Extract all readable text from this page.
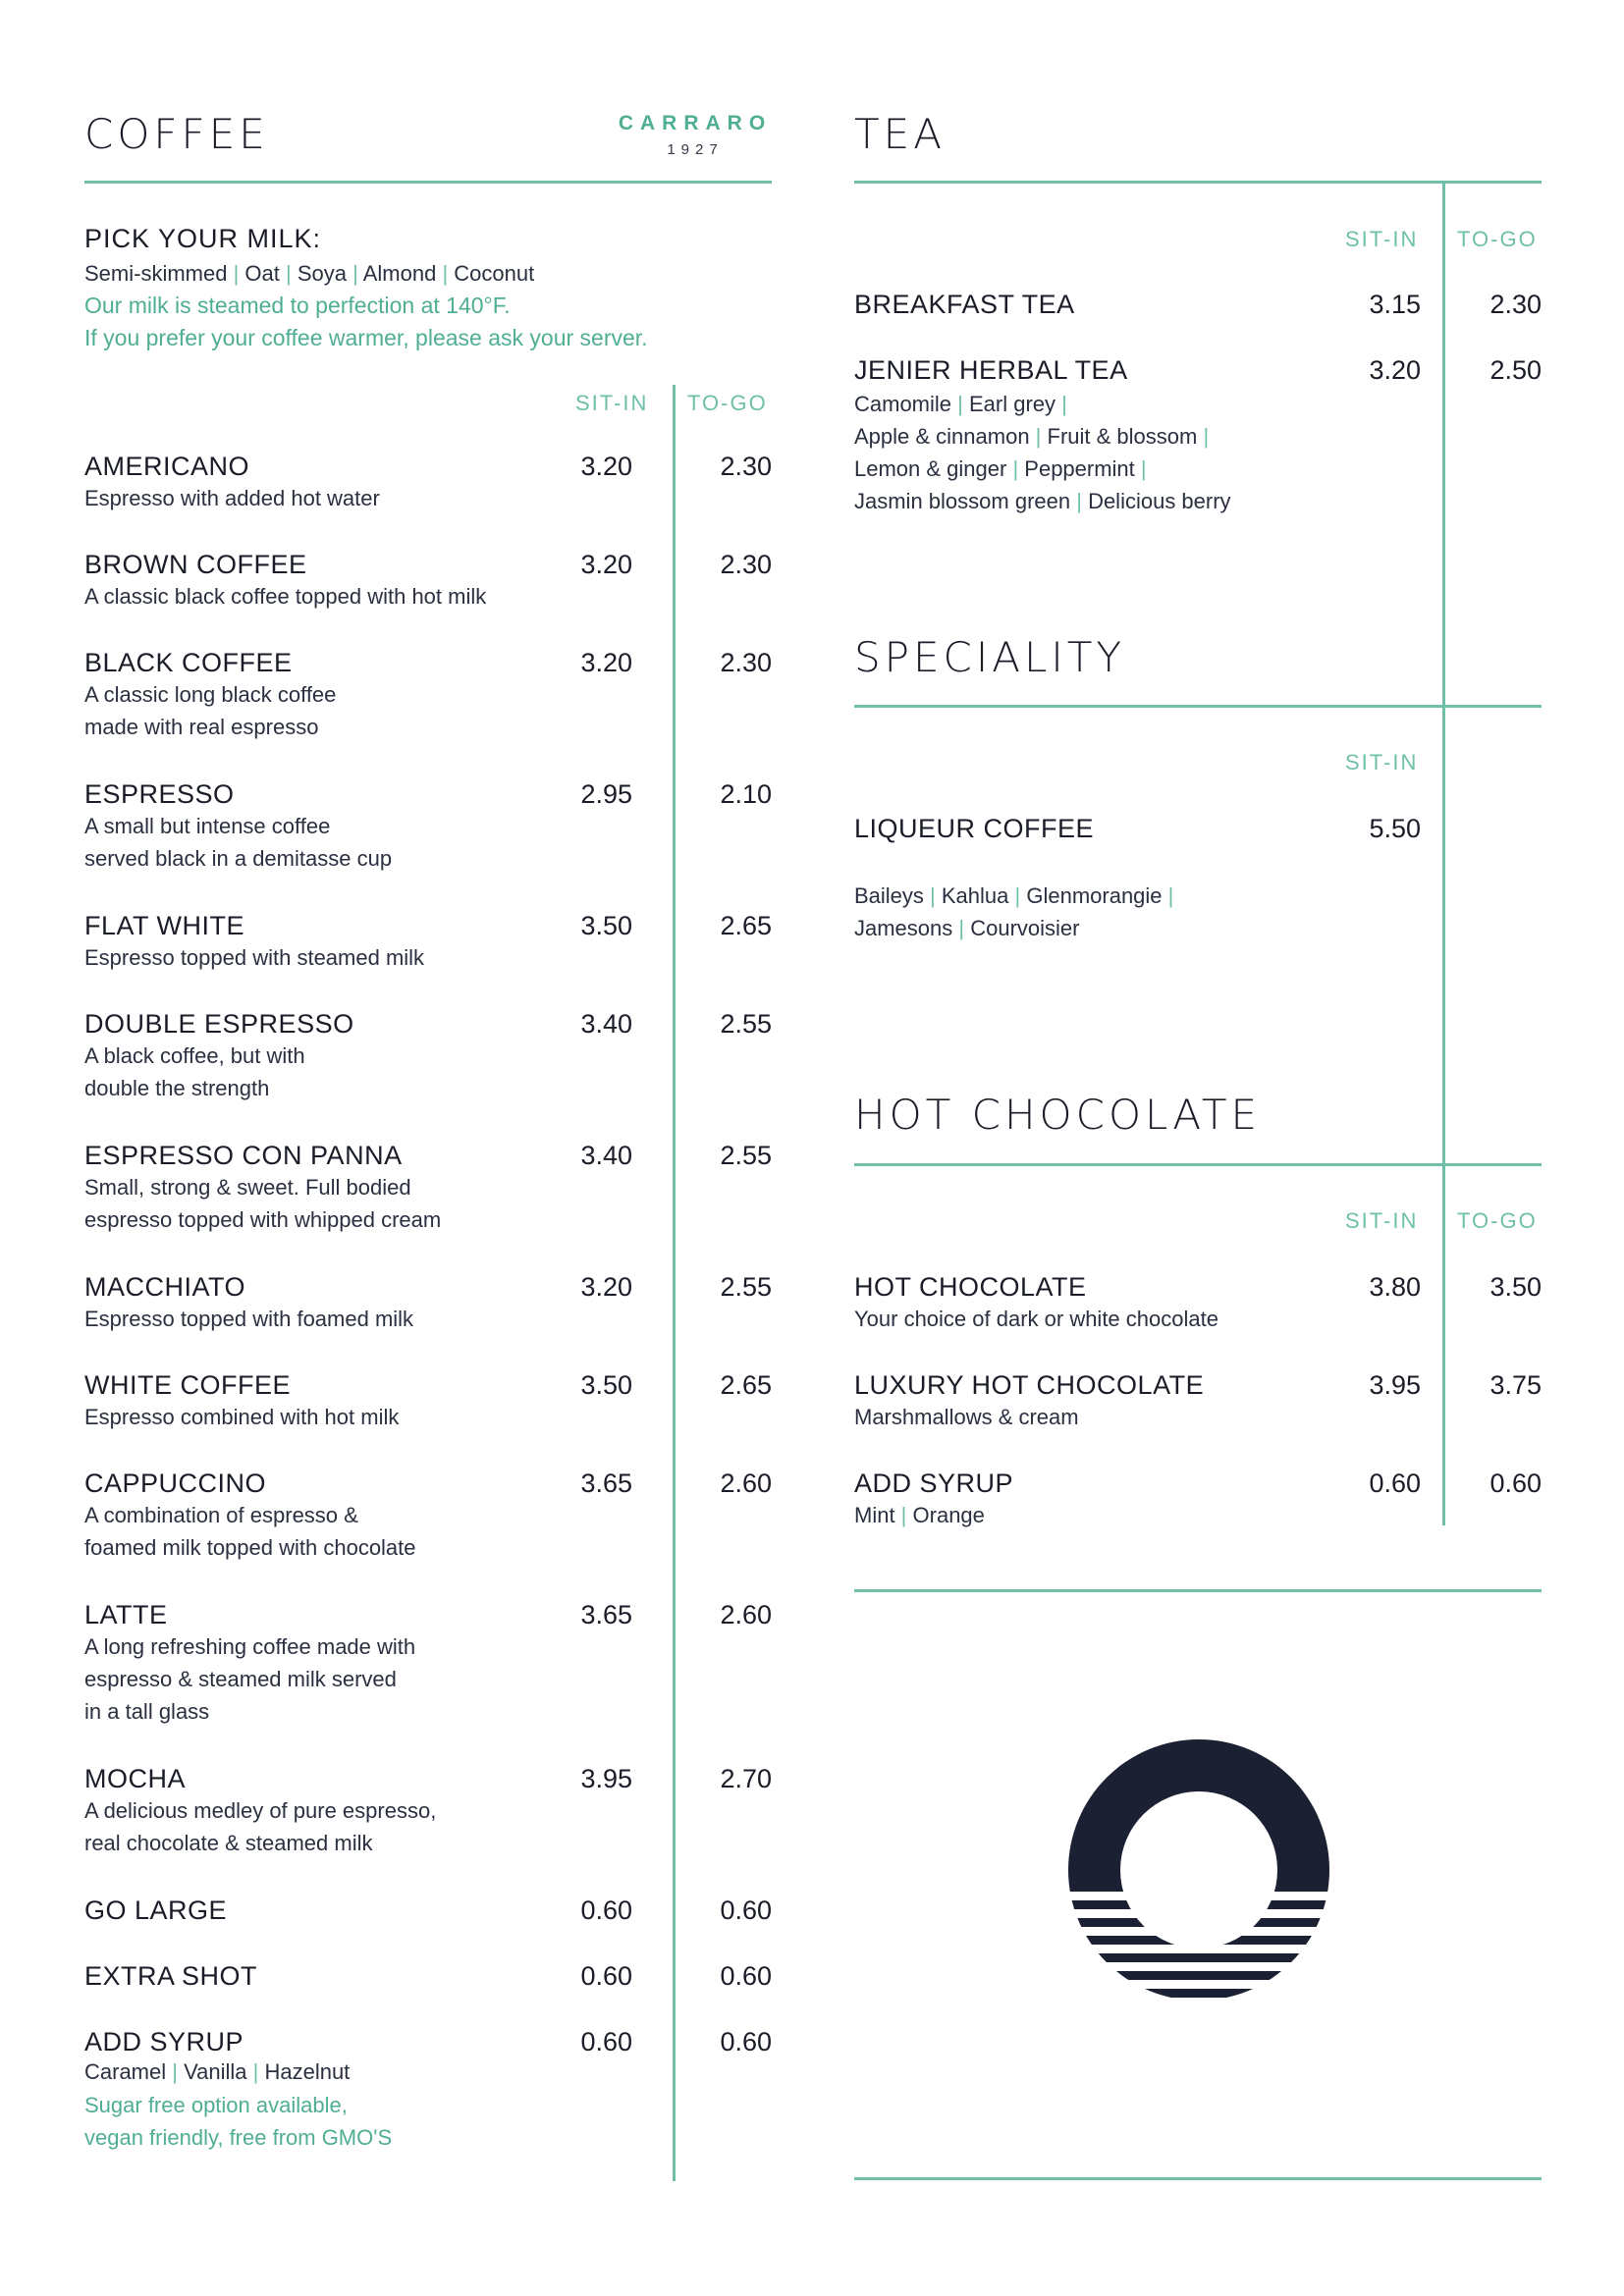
COFFEE	CARRARO
1927
PICK YOUR MILK:
Semi-skimmed | Oat | Soya | Almond | Coconut
Our milk is steamed to perfection at 140°F.
If you prefer your coffee warmer, please ask your server.
SIT-IN TO-GO
AMERICANO
Espresso with added hot water
3.20	2.30
BROWN COFFEE
A classic black coffee topped with hot milk
3.20	2.30
BLACK COFFEE
A classic long black coffee
made with real espresso
3.20	2.30
ESPRESSO
A small but intense coffee
served black in a demitasse cup
2.95	2.10
FLAT WHITE
Espresso topped with steamed milk
3.50	2.65
DOUBLE ESPRESSO
A black coffee, but with
double the strength
3.40	2.55
ESPRESSO CON PANNA
Small, strong & sweet. Full bodied
espresso topped with whipped cream
3.40	2.55
MACCHIATO
Espresso topped with foamed milk
3.20	2.55
WHITE COFFEE
Espresso combined with hot milk
3.50	2.65
CAPPUCCINO
A combination of espresso &
foamed milk topped with chocolate
3.65	2.60
LATTE
A long refreshing coffee made with
espresso & steamed milk served
in a tall glass
3.65	2.60
MOCHA
A delicious medley of pure espresso,
real chocolate & steamed milk
3.95	2.70
GO LARGE	0.60	0.60
EXTRA SHOT	0.60	0.60
ADD SYRUP	0.60	0.60
Caramel | Vanilla | Hazelnut
Sugar free option available,
vegan friendly, free from GMO'S
TEA
SIT-IN TO-GO
BREAKFAST TEA	3.15	2.30
JENIER HERBAL TEA	3.20	2.50
Camomile | Earl grey |
Apple & cinnamon | Fruit & blossom |
Lemon & ginger | Peppermint |
Jasmin blossom green | Delicious berry
SPECIALITY
SIT-IN
LIQUEUR COFFEE	5.50
Baileys | Kahlua | Glenmorangie |
Jamesons | Courvoisier
HOT CHOCOLATE
SIT-IN TO-GO
HOT CHOCOLATE
Your choice of dark or white chocolate
3.80	3.50
LUXURY HOT CHOCOLATE
Marshmallows & cream
3.95	3.75
ADD SYRUP
Mint | Orange
0.60	0.60
